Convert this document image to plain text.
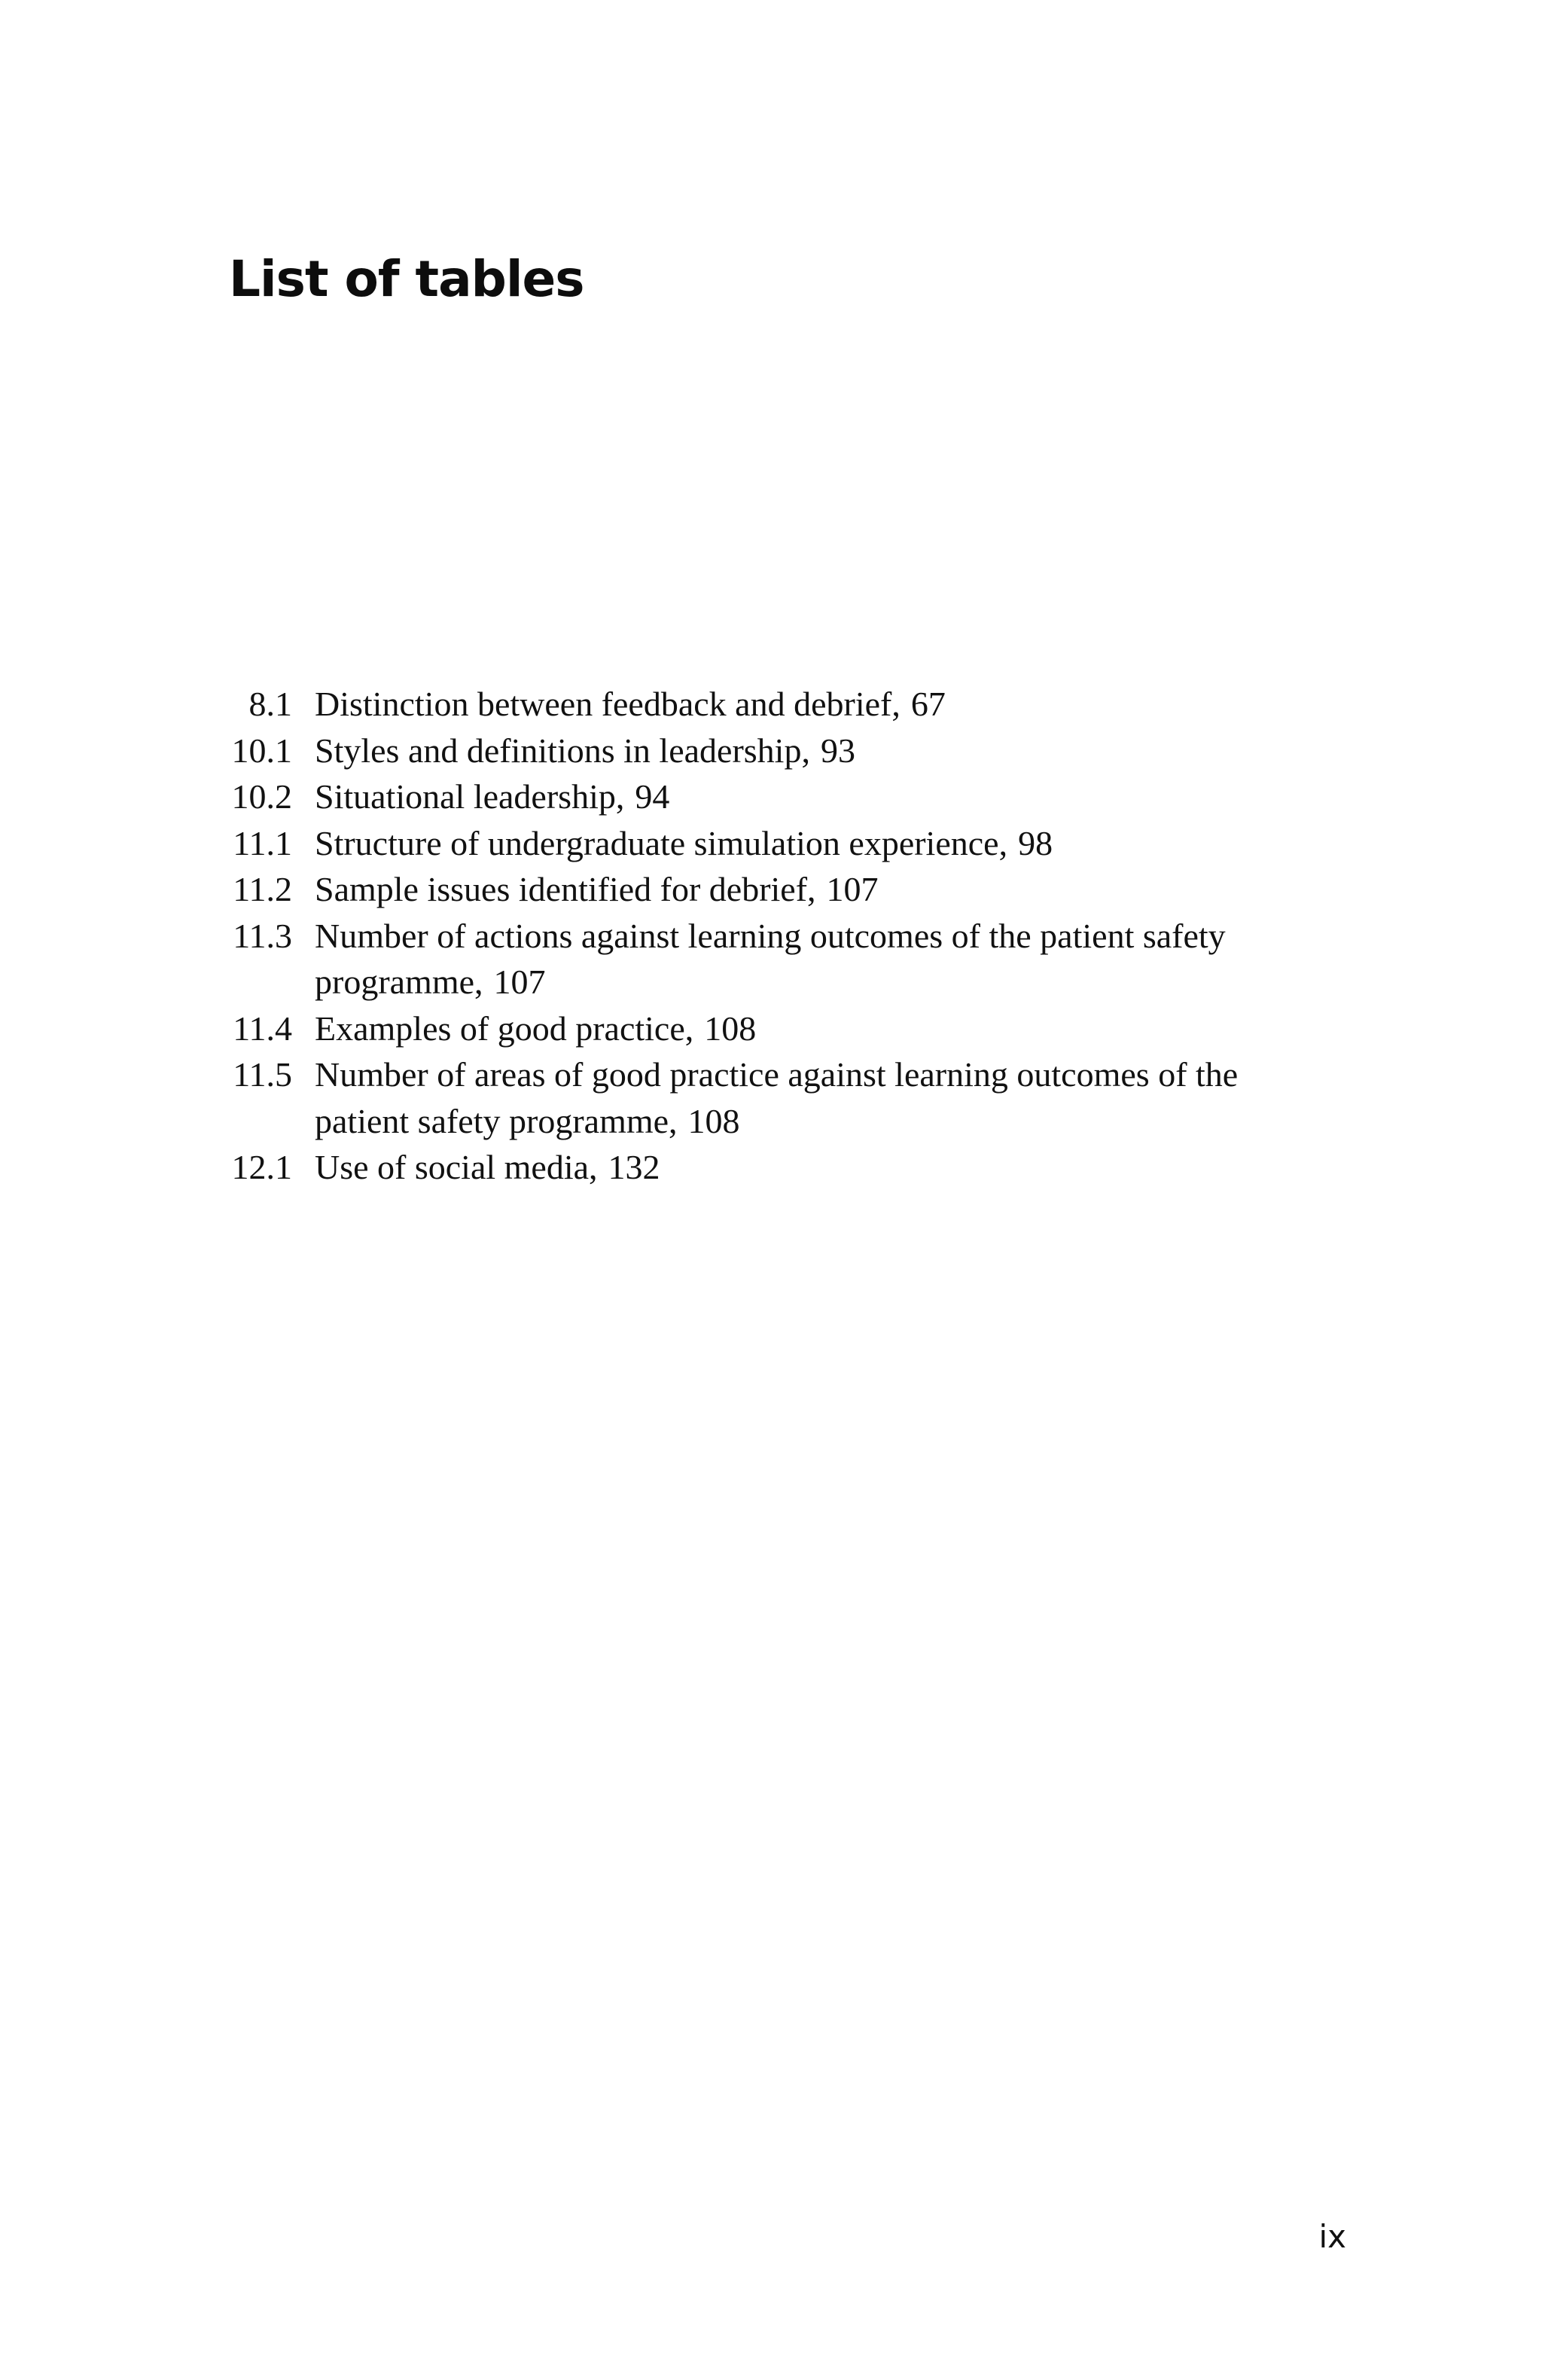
List of tables
8.1 Distinction between feedback and debrief, 67
10.1 Styles and definitions in leadership, 93
10.2 Situational leadership, 94
11.1 Structure of undergraduate simulation experience, 98
11.2 Sample issues identified for debrief, 107
11.3 Number of actions against learning outcomes of the patient safety programme, 107
11.4 Examples of good practice, 108
11.5 Number of areas of good practice against learning outcomes of the patient safety programme, 108
12.1 Use of social media, 132
ix
